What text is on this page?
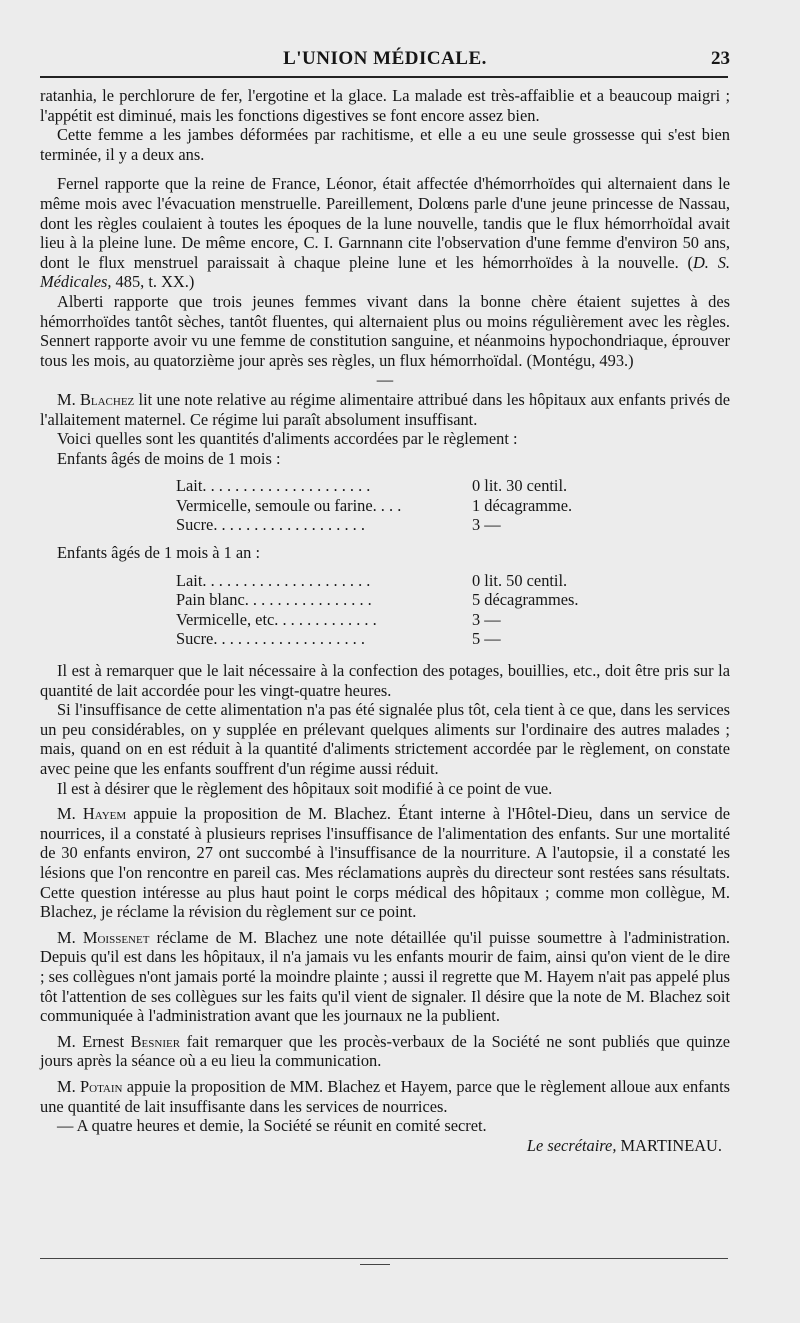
L'UNION MÉDICALE.	23

ratanhia, le perchlorure de fer, l'ergotine et la glace. La malade est très-affaiblie et a beaucoup maigri ; l'appétit est diminué, mais les fonctions digestives se font encore assez bien.

Cette femme a les jambes déformées par rachitisme, et elle a eu une seule grossesse qui s'est bien terminée, il y a deux ans.

Fernel rapporte que la reine de France, Léonor, était affectée d'hémorrhoïdes qui alternaient dans le même mois avec l'évacuation menstruelle. Pareillement, Dolœns parle d'une jeune princesse de Nassau, dont les règles coulaient à toutes les époques de la lune nouvelle, tandis que le flux hémorrhoïdal avait lieu à la pleine lune. De même encore, C. I. Garnnann cite l'observation d'une femme d'environ 50 ans, dont le flux menstruel paraissait à chaque pleine lune et les hémorrhoïdes à la nouvelle. (D. S. Médicales, 485, t. XX.)

Alberti rapporte que trois jeunes femmes vivant dans la bonne chère étaient sujettes à des hémorrhoïdes tantôt sèches, tantôt fluentes, qui alternaient plus ou moins régulièrement avec les règles. Sennert rapporte avoir vu une femme de constitution sanguine, et néanmoins hypochondriaque, éprouver tous les mois, au quatorzième jour après ses règles, un flux hémorrhoïdal. (Montégu, 493.)

—

M. Blachez lit une note relative au régime alimentaire attribué dans les hôpitaux aux enfants privés de l'allaitement maternel. Ce régime lui paraît absolument insuffisant.

Voici quelles sont les quantités d'aliments accordées par le règlement :

Enfants âgés de moins de 1 mois :

Lait. . . . . . . . . . . . . . . . . . . . .	0 lit. 30 centil.
Vermicelle, semoule ou farine. . . .	1 décagramme.
Sucre. . . . . . . . . . . . . . . . . . .	3 —

Enfants âgés de 1 mois à 1 an :

Lait. . . . . . . . . . . . . . . . . . . . .	0 lit. 50 centil.
Pain blanc. . . . . . . . . . . . . . . .	5 décagrammes.
Vermicelle, etc. . . . . . . . . . . . .	3 —
Sucre. . . . . . . . . . . . . . . . . . .	5 —

Il est à remarquer que le lait nécessaire à la confection des potages, bouillies, etc., doit être pris sur la quantité de lait accordée pour les vingt-quatre heures.

Si l'insuffisance de cette alimentation n'a pas été signalée plus tôt, cela tient à ce que, dans les services un peu considérables, on y supplée en prélevant quelques aliments sur l'ordinaire des autres malades ; mais, quand on en est réduit à la quantité d'aliments strictement accordée par le règlement, on constate avec peine que les enfants souffrent d'un régime aussi réduit.

Il est à désirer que le règlement des hôpitaux soit modifié à ce point de vue.

M. Hayem appuie la proposition de M. Blachez. Étant interne à l'Hôtel-Dieu, dans un service de nourrices, il a constaté à plusieurs reprises l'insuffisance de l'alimentation des enfants. Sur une mortalité de 30 enfants environ, 27 ont succombé à l'insuffisance de la nourriture. A l'autopsie, il a constaté les lésions que l'on rencontre en pareil cas. Mes réclamations auprès du directeur sont restées sans résultats. Cette question intéresse au plus haut point le corps médical des hôpitaux ; comme mon collègue, M. Blachez, je réclame la révision du règlement sur ce point.

M. Moissenet réclame de M. Blachez une note détaillée qu'il puisse soumettre à l'administration. Depuis qu'il est dans les hôpitaux, il n'a jamais vu les enfants mourir de faim, ainsi qu'on vient de le dire ; ses collègues n'ont jamais porté la moindre plainte ; aussi il regrette que M. Hayem n'ait pas appelé plus tôt l'attention de ses collègues sur les faits qu'il vient de signaler. Il désire que la note de M. Blachez soit communiquée à l'administration avant que les journaux ne la publient.

M. Ernest Besnier fait remarquer que les procès-verbaux de la Société ne sont publiés que quinze jours après la séance où a eu lieu la communication.

M. Potain appuie la proposition de MM. Blachez et Hayem, parce que le règlement alloue aux enfants une quantité de lait insuffisante dans les services de nourrices.

— A quatre heures et demie, la Société se réunit en comité secret.

Le secrétaire, MARTINEAU.
